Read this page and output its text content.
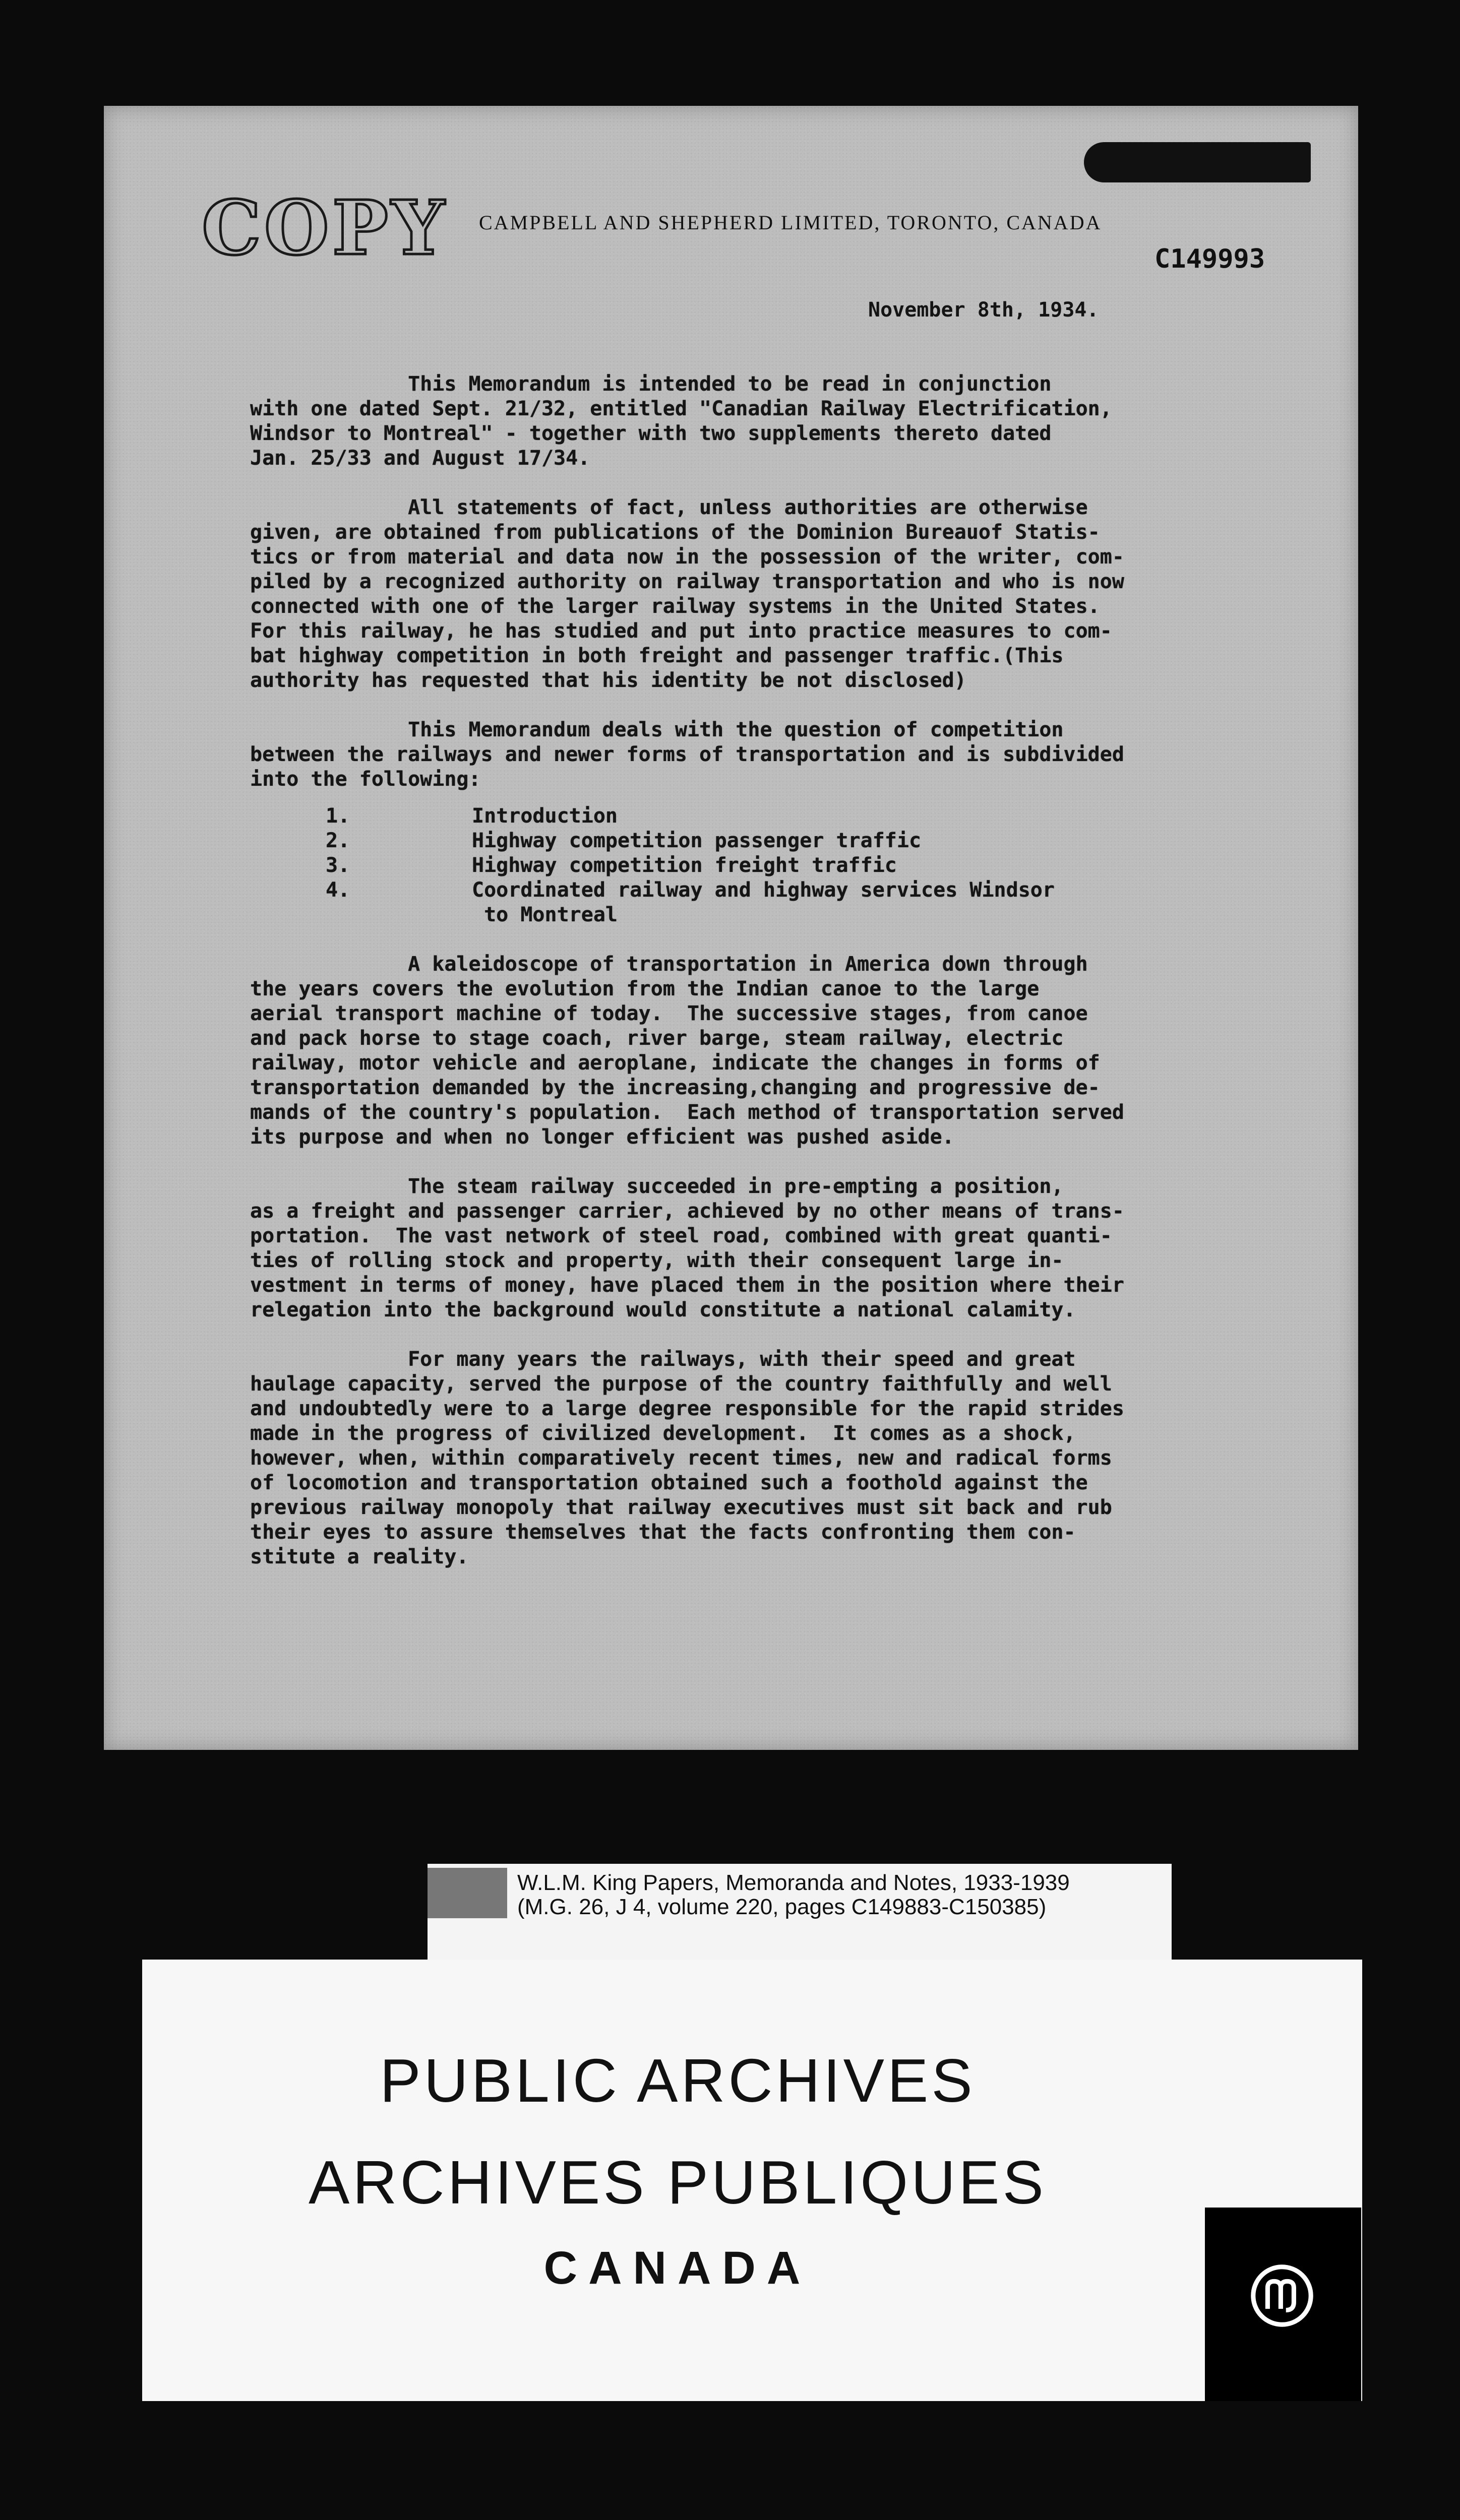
COPY CAMPBELL AND SHEPHERD LIMITED, TORONTO, CANADA
C149993
November 8th, 1934.

This Memorandum is intended to be read in conjunction
with one dated Sept. 21/32, entitled "Canadian Railway Electrification,
Windsor to Montreal" - together with two supplements thereto dated
Jan. 25/33 and August 17/34.

All statements of fact, unless authorities are otherwise
given, are obtained from publications of the Dominion Bureauof Statis-
tics or from material and data now in the possession of the writer, com-
piled by a recognized authority on railway transportation and who is now
connected with one of the larger railway systems in the United States.
For this railway, he has studied and put into practice measures to com-
bat highway competition in both freight and passenger traffic.(This
authority has requested that his identity be not disclosed)

This Memorandum deals with the question of competition
between the railways and newer forms of transportation and is subdivided
into the following:

1.	Introduction
2.	Highway competition passenger traffic
3.	Highway competition freight traffic
4.	Coordinated railway and highway services Windsor
to Montreal

A kaleidoscope of transportation in America down through
the years covers the evolution from the Indian canoe to the large
aerial transport machine of today.  The successive stages, from canoe
and pack horse to stage coach, river barge, steam railway, electric
railway, motor vehicle and aeroplane, indicate the changes in forms of
transportation demanded by the increasing,changing and progressive de-
mands of the country's population.  Each method of transportation served
its purpose and when no longer efficient was pushed aside.

The steam railway succeeded in pre-empting a position,
as a freight and passenger carrier, achieved by no other means of trans-
portation.  The vast network of steel road, combined with great quanti-
ties of rolling stock and property, with their consequent large in-
vestment in terms of money, have placed them in the position where their
relegation into the background would constitute a national calamity.

For many years the railways, with their speed and great
haulage capacity, served the purpose of the country faithfully and well
and undoubtedly were to a large degree responsible for the rapid strides
made in the progress of civilized development.  It comes as a shock,
however, when, within comparatively recent times, new and radical forms
of locomotion and transportation obtained such a foothold against the
previous railway monopoly that railway executives must sit back and rub
their eyes to assure themselves that the facts confronting them con-
stitute a reality.

W.L.M. King Papers, Memoranda and Notes, 1933-1939
(M.G. 26, J 4, volume 220, pages C149883-C150385)
PUBLIC ARCHIVES
ARCHIVES PUBLIQUES
CANADA
